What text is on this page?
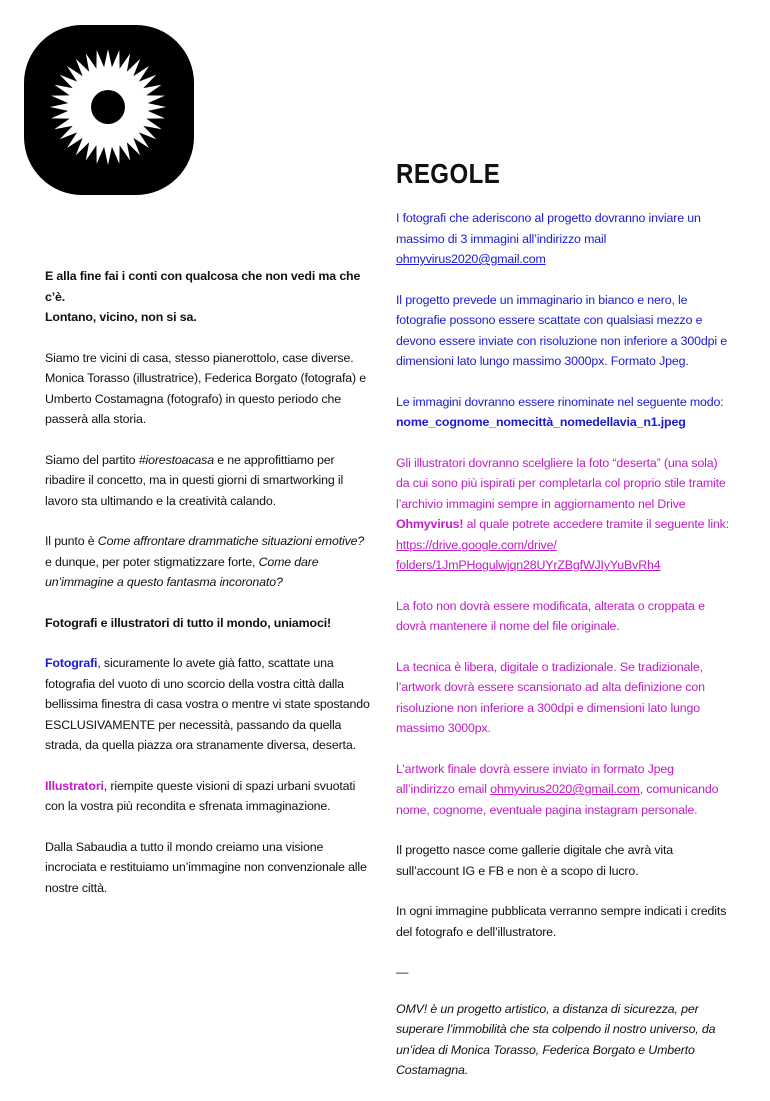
E alla fine fai i conti con qualcosa che non vedi ma che c’è.
Lontano, vicino, non si sa.

Siamo tre vicini di casa, stesso pianerottolo, case diverse. Monica Torasso (illustratrice), Federica Borgato (fotografa) e Umberto Costamagna (fotografo) in questo periodo che passerà alla storia.

Siamo del partito #iorestoacasa e ne approfittiamo per ribadire il concetto, ma in questi giorni di smartworking il lavoro sta ultimando e la creatività calando.

Il punto è Come affrontare drammatiche situazioni emotive? e dunque, per poter stigmatizzare forte, Come dare un’immagine a questo fantasma incoronato?

Fotografi e illustratori di tutto il mondo, uniamoci!

Fotografi, sicuramente lo avete già fatto, scattate una fotografia del vuoto di uno scorcio della vostra città dalla bellissima finestra di casa vostra o mentre vi state spostando ESCLUSIVAMENTE per necessità, passando da quella strada, da quella piazza ora stranamente diversa, deserta.

Illustratori, riempite queste visioni di spazi urbani svuotati con la vostra più recondita e sfrenata immaginazione.

Dalla Sabaudia a tutto il mondo creiamo una visione incrociata e restituiamo un’immagine non convenzionale alle nostre città.

REGOLE

I fotografi che aderiscono al progetto dovranno inviare un massimo di 3 immagini all’indirizzo mail ohmyvirus2020@gmail.com

Il progetto prevede un immaginario in bianco e nero, le fotografie possono essere scattate con qualsiasi mezzo e devono essere inviate con risoluzione non inferiore a 300dpi e dimensioni lato lungo massimo 3000px. Formato Jpeg.

Le immagini dovranno essere rinominate nel seguente modo:

nome_cognome_nomecittà_nomedellavia_n1.jpeg

Gli illustratori dovranno scelgliere la foto “deserta” (una sola) da cui sono più ispirati per completarla col proprio stile tramite l’archivio immagini sempre in aggiornamento nel Drive Ohmyvirus! al quale potrete accedere tramite il seguente link:
https://drive.google.com/drive/
folders/1JmPHogulwjqn28UYrZBgfWJIyYuBvRh4

La foto non dovrà essere modificata, alterata o croppata e dovrà mantenere il nome del file originale.

La tecnica è libera, digitale o tradizionale. Se tradizionale, l’artwork dovrà essere scansionato ad alta definizione con risoluzione non inferiore a 300dpi e dimensioni lato lungo massimo 3000px.

L’artwork finale dovrà essere inviato in formato Jpeg all’indirizzo email ohmyvirus2020@gmail.com, comunicando nome, cognome, eventuale pagina instagram personale.

Il progetto nasce come gallerie digitale che avrà vita sull’account IG e FB e non è a scopo di lucro.

In ogni immagine pubblicata verranno sempre indicati i credits del fotografo e dell’illustratore.

—

OMV! è un progetto artistico, a distanza di sicurezza, per superare l’immobilità che sta colpendo il nostro universo, da un’idea di Monica Torasso, Federica Borgato e Umberto Costamagna.
